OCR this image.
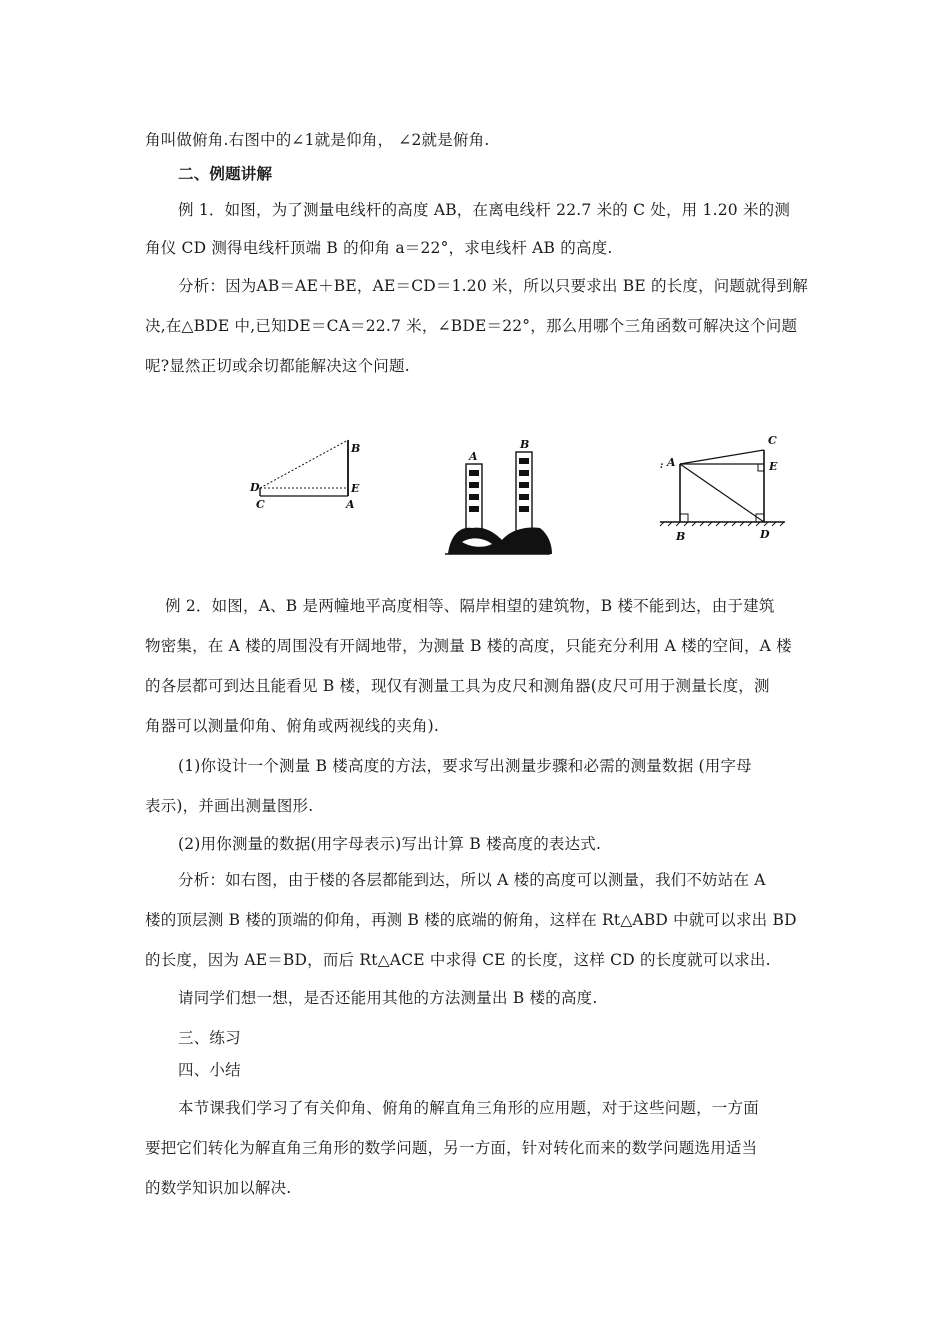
角叫做俯角.右图中的∠1就是仰角， ∠2就是俯角.
二、例题讲解
例 1．如图，为了测量电线杆的高度 AB，在离电线杆 22.7 米的 C 处，用 1.20 米的测
角仪 CD 测得电线杆顶端 B 的仰角 a＝22°，求电线杆 AB 的高度.
分析：因为AB＝AE＋BE，AE＝CD＝1.20 米，所以只要求出 BE 的长度，问题就得到解
决,在△BDE 中,已知DE＝CA＝22.7 米，∠BDE＝22°，那么用哪个三角函数可解决这个问题
呢?显然正切或余切都能解决这个问题.
B
D	E
C	A
A
B
:
C
A	E
B	D
例 2．如图，A、B 是两幢地平高度相等、隔岸相望的建筑物，B 楼不能到达，由于建筑
物密集，在 A 楼的周围没有开阔地带，为测量 B 楼的高度，只能充分利用 A 楼的空间，A 楼
的各层都可到达且能看见 B 楼，现仅有测量工具为皮尺和测角器(皮尺可用于测量长度，测
角器可以测量仰角、俯角或两视线的夹角).
(1)你设计一个测量 B 楼高度的方法，要求写出测量步骤和必需的测量数据 (用字母
表示)，并画出测量图形.
(2)用你测量的数据(用字母表示)写出计算 B 楼高度的表达式.
分析：如右图，由于楼的各层都能到达，所以 A 楼的高度可以测量，我们不妨站在 A
楼的顶层测 B 楼的顶端的仰角，再测 B 楼的底端的俯角，这样在 Rt△ABD 中就可以求出 BD
的长度，因为 AE＝BD，而后 Rt△ACE 中求得 CE 的长度，这样 CD 的长度就可以求出.
请同学们想一想，是否还能用其他的方法测量出 B 楼的高度.
三、练习
四、小结
本节课我们学习了有关仰角、俯角的解直角三角形的应用题，对于这些问题，一方面
要把它们转化为解直角三角形的数学问题，另一方面，针对转化而来的数学问题选用适当
的数学知识加以解决.
